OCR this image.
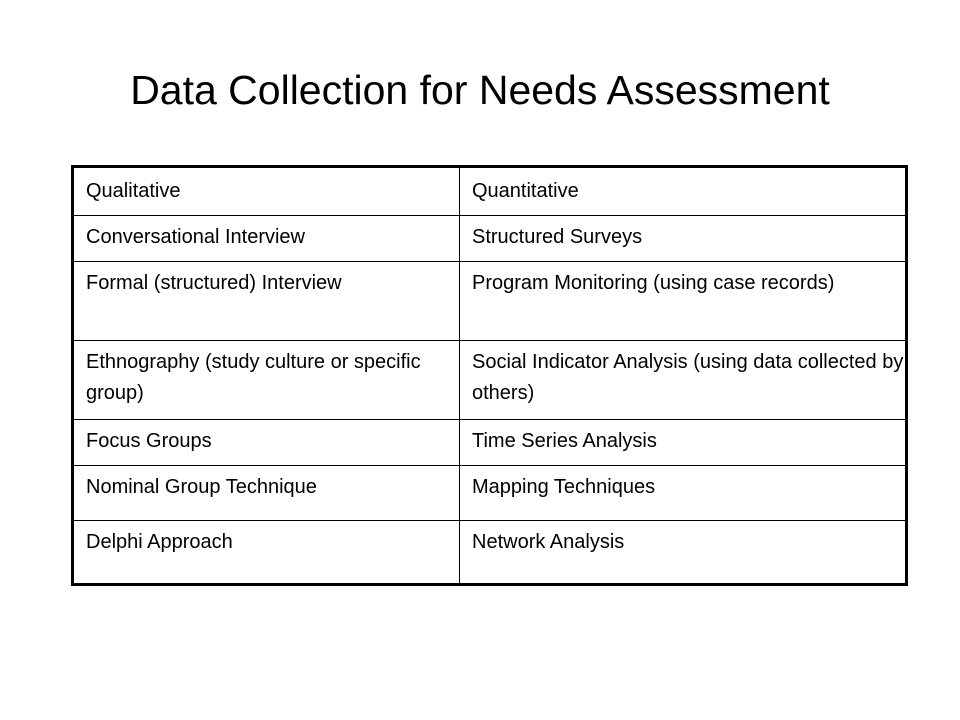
Data Collection for Needs Assessment
Qualitative	Quantitative
Conversational Interview	Structured Surveys
Formal (structured) Interview	Program Monitoring (using case records)
Ethnography (study culture or specific group)	Social Indicator Analysis (using data collected by others)
Focus Groups	Time Series Analysis
Nominal Group Technique	Mapping Techniques
Delphi Approach	Network Analysis
